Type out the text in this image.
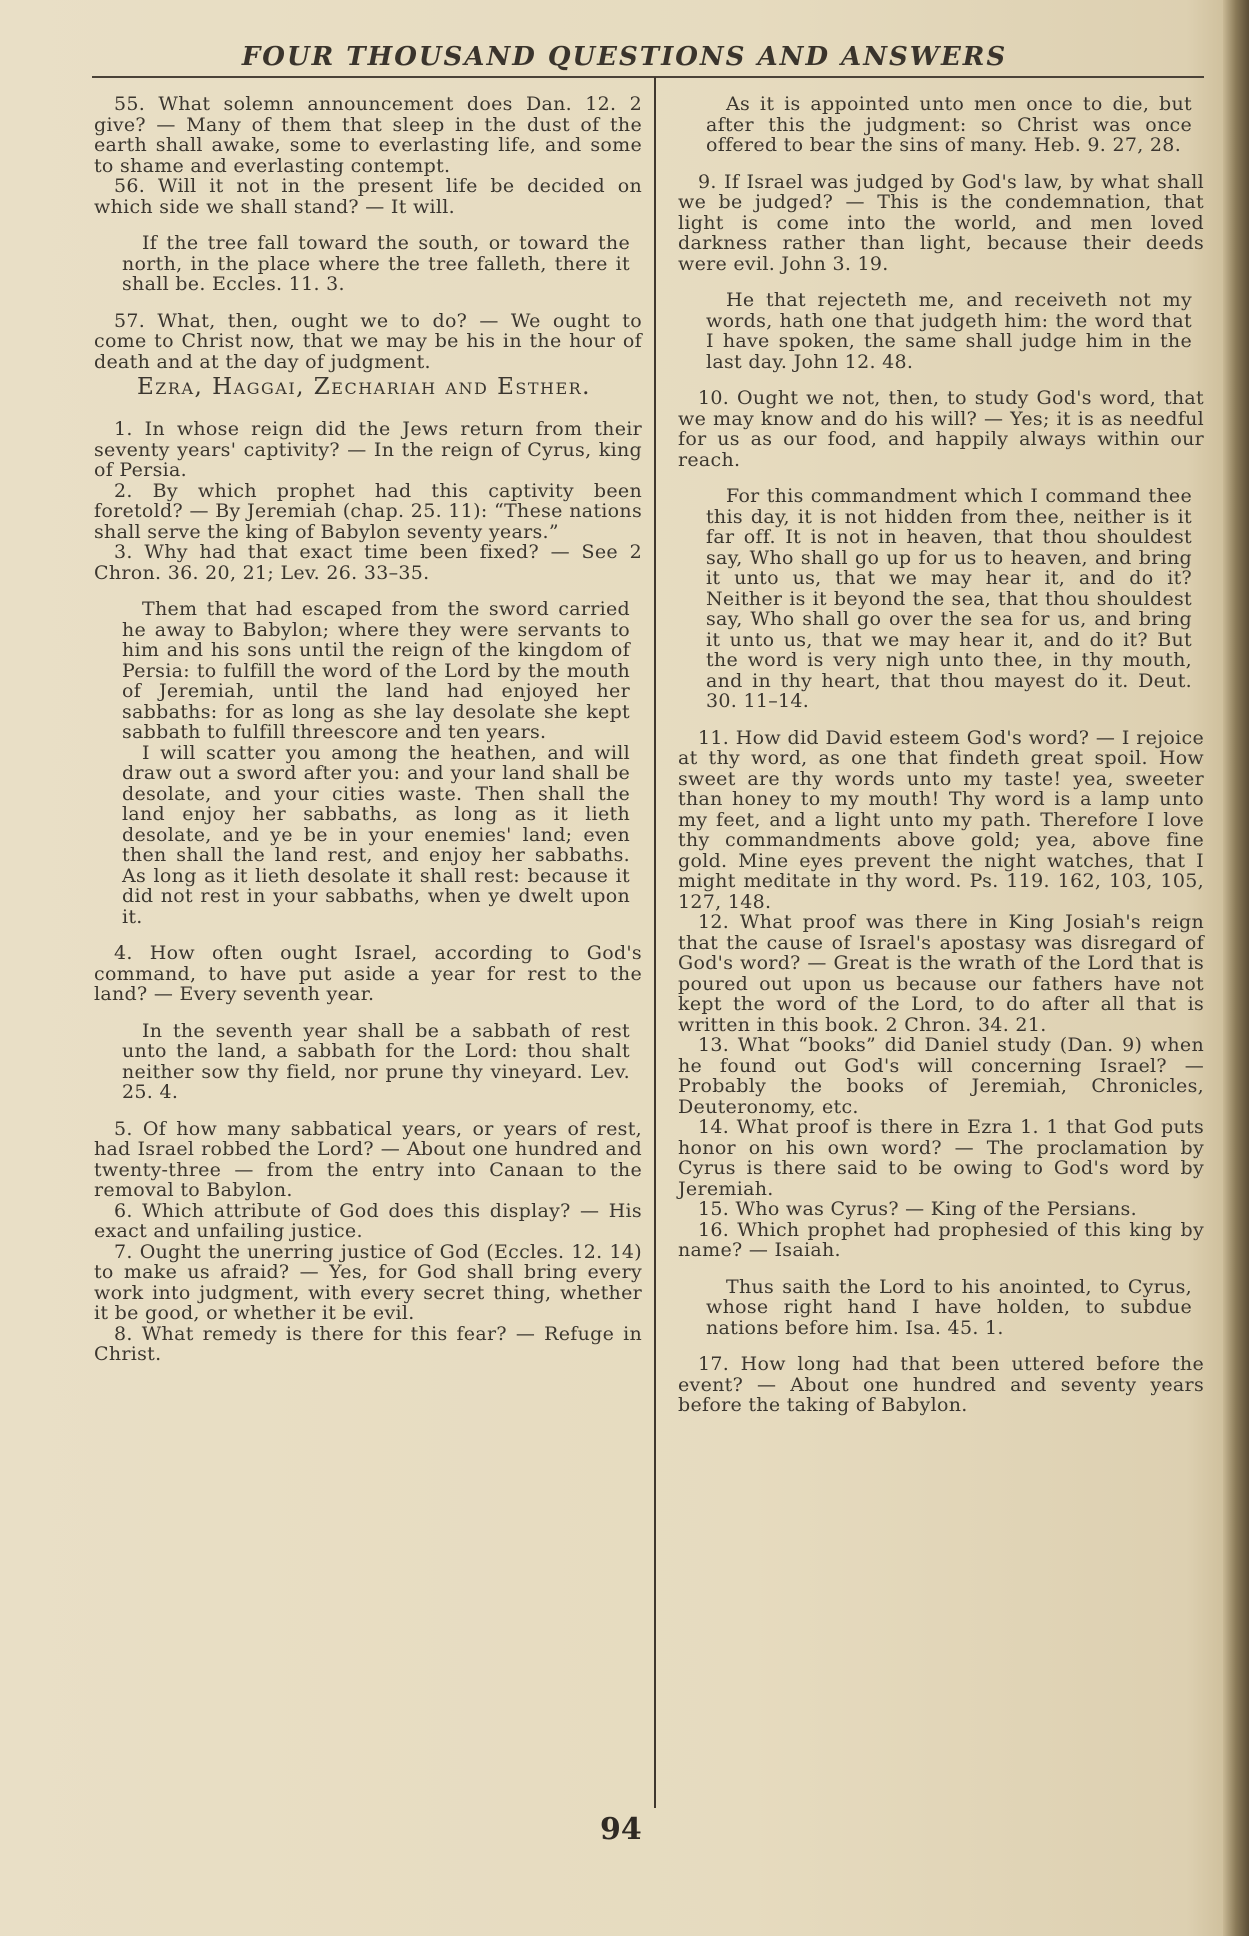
FOUR THOUSAND QUESTIONS AND ANSWERS

55. What solemn announcement does Dan. 12. 2 give? — Many of them that sleep in the dust of the earth shall awake, some to everlasting life, and some to shame and everlasting contempt.

56. Will it not in the present life be decided on which side we shall stand? — It will.

If the tree fall toward the south, or toward the north, in the place where the tree falleth, there it shall be. Eccles. 11. 3.

57. What, then, ought we to do? — We ought to come to Christ now, that we may be his in the hour of death and at the day of judgment.

Ezra, Haggai, Zechariah and Esther.

1. In whose reign did the Jews return from their seventy years' captivity? — In the reign of Cyrus, king of Persia.

2. By which prophet had this captivity been foretold? — By Jeremiah (chap. 25. 11): “These nations shall serve the king of Babylon seventy years.”

3. Why had that exact time been fixed? — See 2 Chron. 36. 20, 21; Lev. 26. 33–35.

Them that had escaped from the sword carried he away to Babylon; where they were servants to him and his sons until the reign of the kingdom of Persia: to fulfill the word of the Lord by the mouth of Jeremiah, until the land had enjoyed her sabbaths: for as long as she lay desolate she kept sabbath to fulfill threescore and ten years.

I will scatter you among the heathen, and will draw out a sword after you: and your land shall be desolate, and your cities waste. Then shall the land enjoy her sabbaths, as long as it lieth desolate, and ye be in your enemies' land; even then shall the land rest, and enjoy her sabbaths. As long as it lieth desolate it shall rest: because it did not rest in your sabbaths, when ye dwelt upon it.

4. How often ought Israel, according to God's command, to have put aside a year for rest to the land? — Every seventh year.

In the seventh year shall be a sabbath of rest unto the land, a sabbath for the Lord: thou shalt neither sow thy field, nor prune thy vineyard. Lev. 25. 4.

5. Of how many sabbatical years, or years of rest, had Israel robbed the Lord? — About one hundred and twenty-three — from the entry into Canaan to the removal to Babylon.

6. Which attribute of God does this display? — His exact and unfailing justice.

7. Ought the unerring justice of God (Eccles. 12. 14) to make us afraid? — Yes, for God shall bring every work into judgment, with every secret thing, whether it be good, or whether it be evil.

8. What remedy is there for this fear? — Refuge in Christ.

As it is appointed unto men once to die, but after this the judgment: so Christ was once offered to bear the sins of many. Heb. 9. 27, 28.

9. If Israel was judged by God's law, by what shall we be judged? — This is the condemnation, that light is come into the world, and men loved darkness rather than light, because their deeds were evil. John 3. 19.

He that rejecteth me, and receiveth not my words, hath one that judgeth him: the word that I have spoken, the same shall judge him in the last day. John 12. 48.

10. Ought we not, then, to study God's word, that we may know and do his will? — Yes; it is as needful for us as our food, and happily always within our reach.

For this commandment which I command thee this day, it is not hidden from thee, neither is it far off. It is not in heaven, that thou shouldest say, Who shall go up for us to heaven, and bring it unto us, that we may hear it, and do it? Neither is it beyond the sea, that thou shouldest say, Who shall go over the sea for us, and bring it unto us, that we may hear it, and do it? But the word is very nigh unto thee, in thy mouth, and in thy heart, that thou mayest do it. Deut. 30. 11–14.

11. How did David esteem God's word? — I rejoice at thy word, as one that findeth great spoil. How sweet are thy words unto my taste! yea, sweeter than honey to my mouth! Thy word is a lamp unto my feet, and a light unto my path. Therefore I love thy commandments above gold; yea, above fine gold. Mine eyes prevent the night watches, that I might meditate in thy word. Ps. 119. 162, 103, 105, 127, 148.

12. What proof was there in King Josiah's reign that the cause of Israel's apostasy was disregard of God's word? — Great is the wrath of the Lord that is poured out upon us because our fathers have not kept the word of the Lord, to do after all that is written in this book. 2 Chron. 34. 21.

13. What “books” did Daniel study (Dan. 9) when he found out God's will concerning Israel? — Probably the books of Jeremiah, Chronicles, Deuteronomy, etc.

14. What proof is there in Ezra 1. 1 that God puts honor on his own word? — The proclamation by Cyrus is there said to be owing to God's word by Jeremiah.

15. Who was Cyrus? — King of the Persians.

16. Which prophet had prophesied of this king by name? — Isaiah.

Thus saith the Lord to his anointed, to Cyrus, whose right hand I have holden, to subdue nations before him. Isa. 45. 1.

17. How long had that been uttered before the event? — About one hundred and seventy years before the taking of Babylon.

94
